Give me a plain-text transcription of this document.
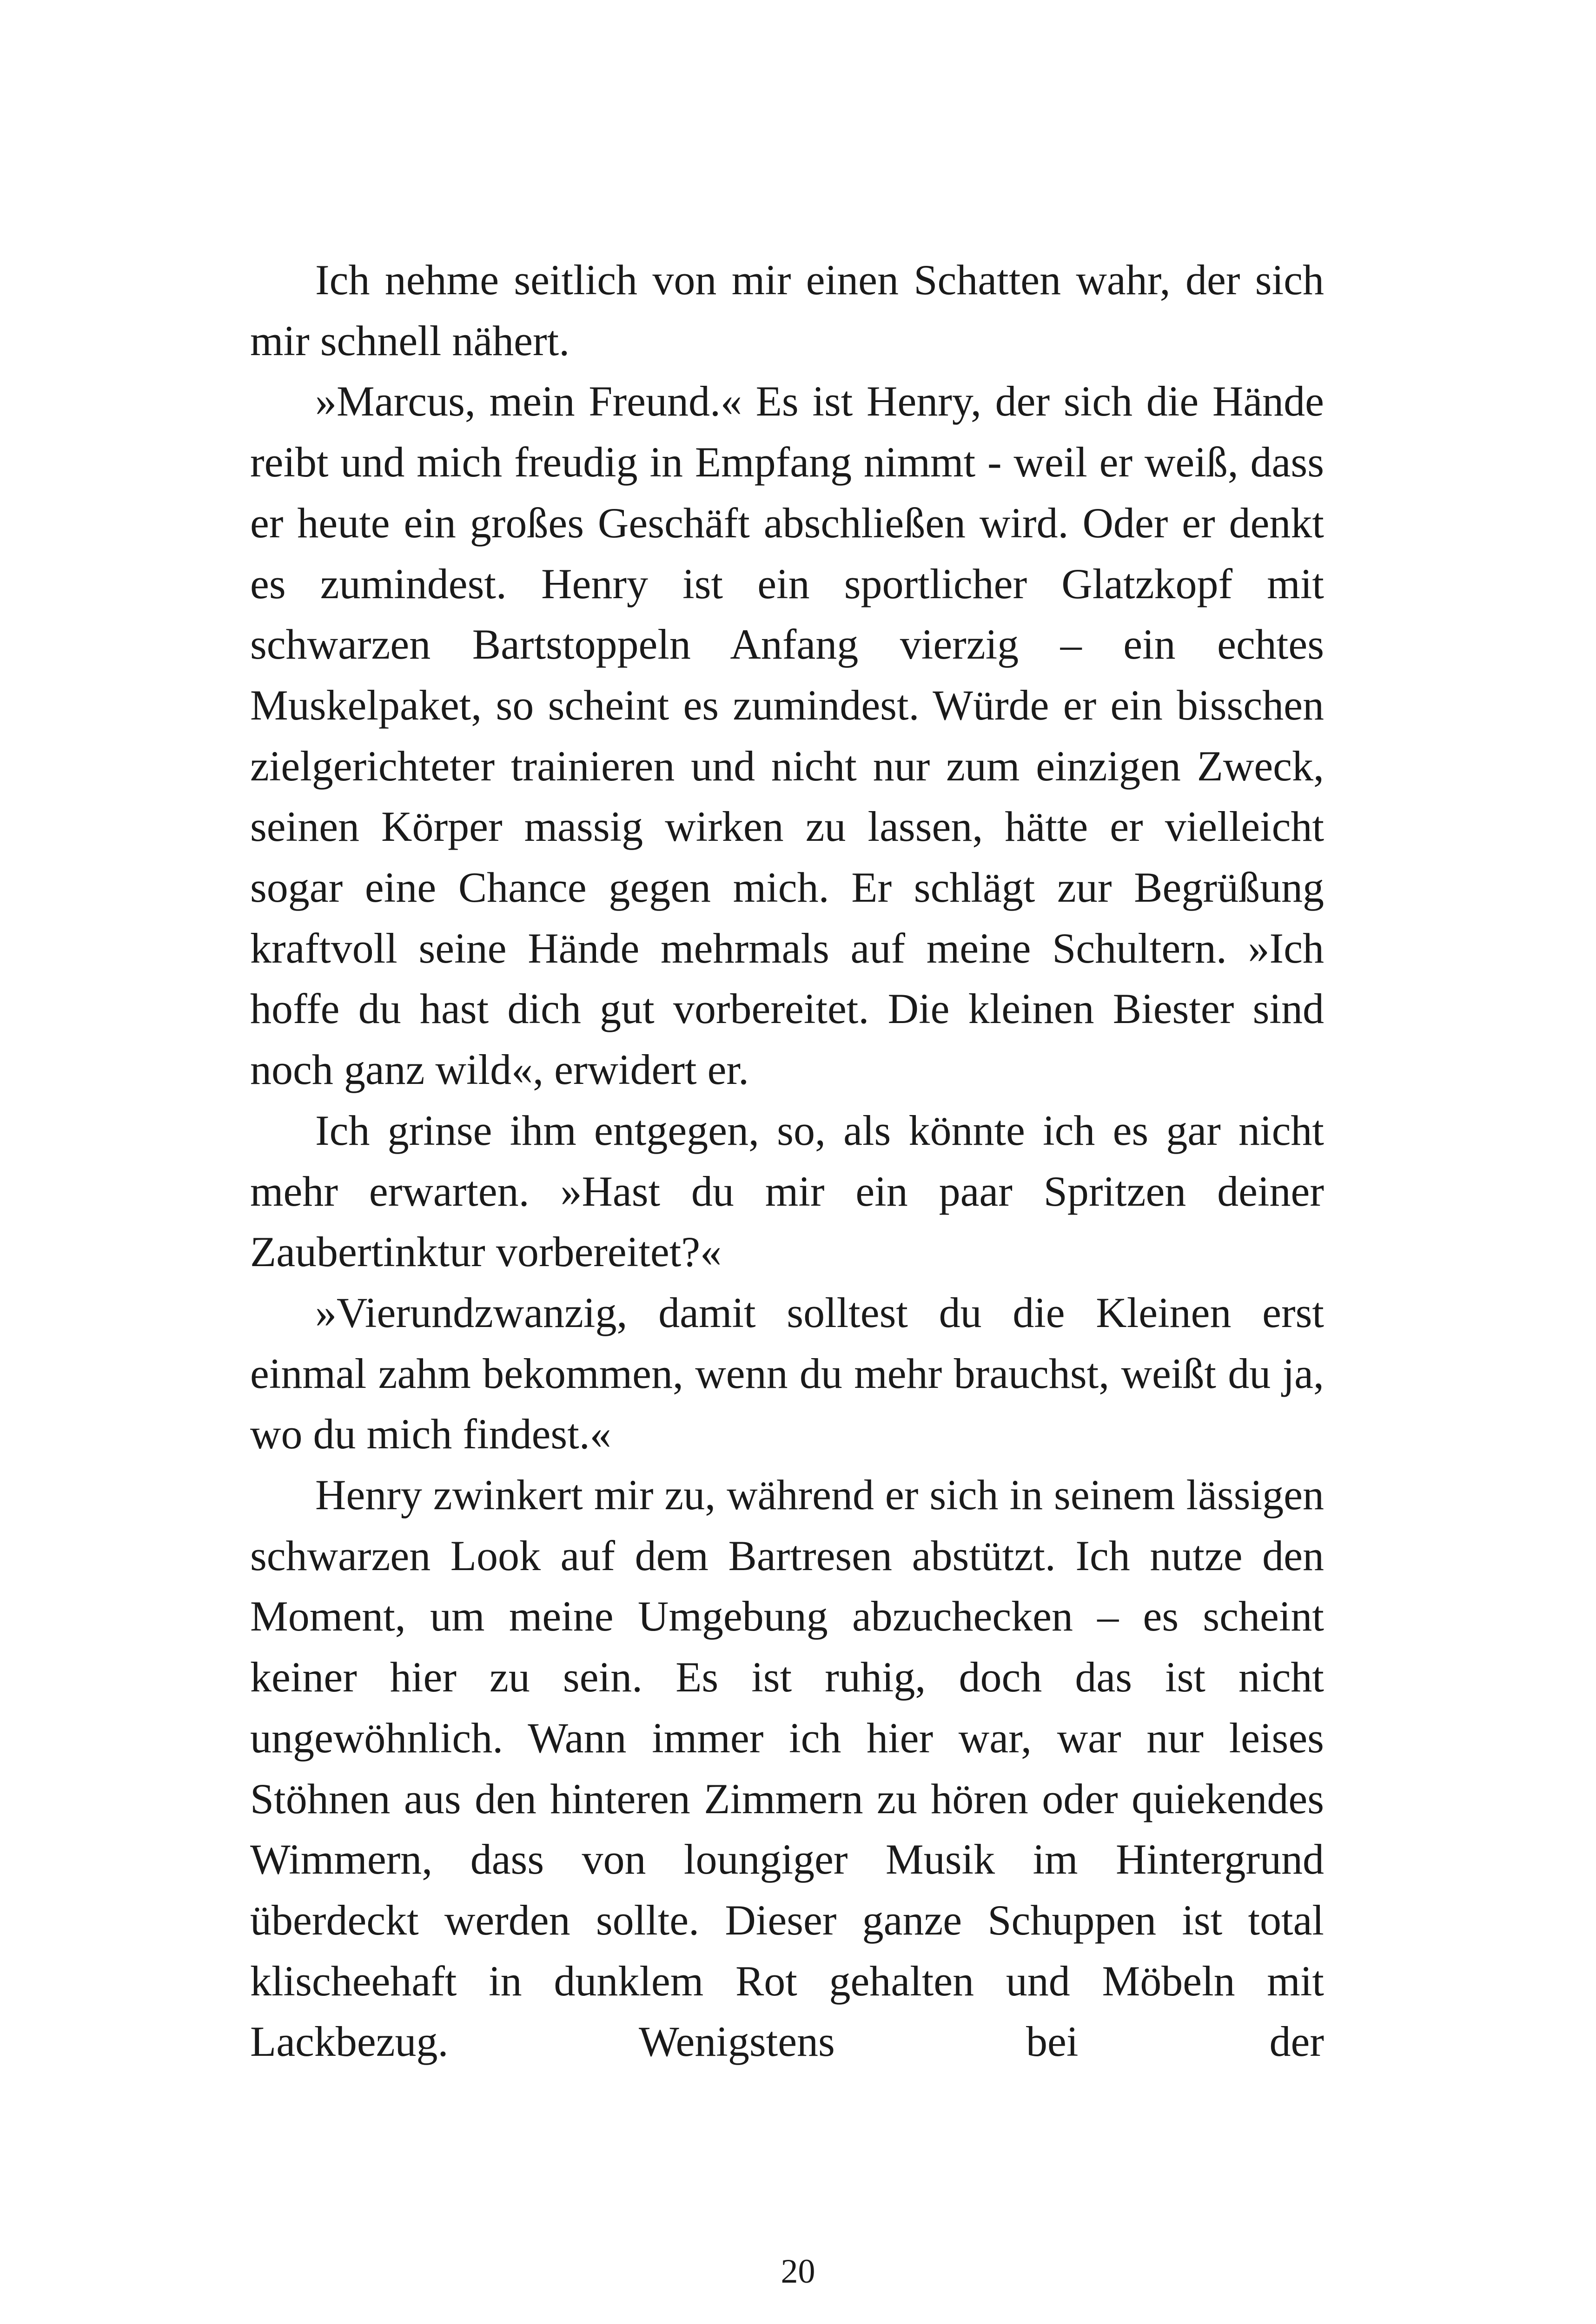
Ich nehme seitlich von mir einen Schatten wahr, der sich mir schnell nähert.

»Marcus, mein Freund.« Es ist Henry, der sich die Hände reibt und mich freudig in Empfang nimmt - weil er weiß, dass er heute ein großes Geschäft abschließen wird. Oder er denkt es zumindest. Henry ist ein sportlicher Glatzkopf mit schwarzen Bartstoppeln Anfang vierzig – ein echtes Muskelpaket, so scheint es zumindest. Würde er ein bisschen zielgerichteter trainieren und nicht nur zum einzigen Zweck, seinen Körper massig wirken zu lassen, hätte er vielleicht sogar eine Chance gegen mich. Er schlägt zur Begrüßung kraftvoll seine Hände mehrmals auf meine Schultern. »Ich hoffe du hast dich gut vorbereitet. Die kleinen Biester sind noch ganz wild«, erwidert er.

Ich grinse ihm entgegen, so, als könnte ich es gar nicht mehr erwarten. »Hast du mir ein paar Spritzen deiner Zaubertinktur vorbereitet?«

»Vierundzwanzig, damit solltest du die Kleinen erst einmal zahm bekommen, wenn du mehr brauchst, weißt du ja, wo du mich findest.«

Henry zwinkert mir zu, während er sich in seinem lässigen schwarzen Look auf dem Bartresen abstützt. Ich nutze den Moment, um meine Umgebung abzuchecken – es scheint keiner hier zu sein. Es ist ruhig, doch das ist nicht ungewöhnlich. Wann immer ich hier war, war nur leises Stöhnen aus den hinteren Zimmern zu hören oder quiekendes Wimmern, dass von loungiger Musik im Hintergrund überdeckt werden sollte. Dieser ganze Schuppen ist total klischeehaft in dunklem Rot gehalten und Möbeln mit Lackbezug. Wenigstens bei der

20
